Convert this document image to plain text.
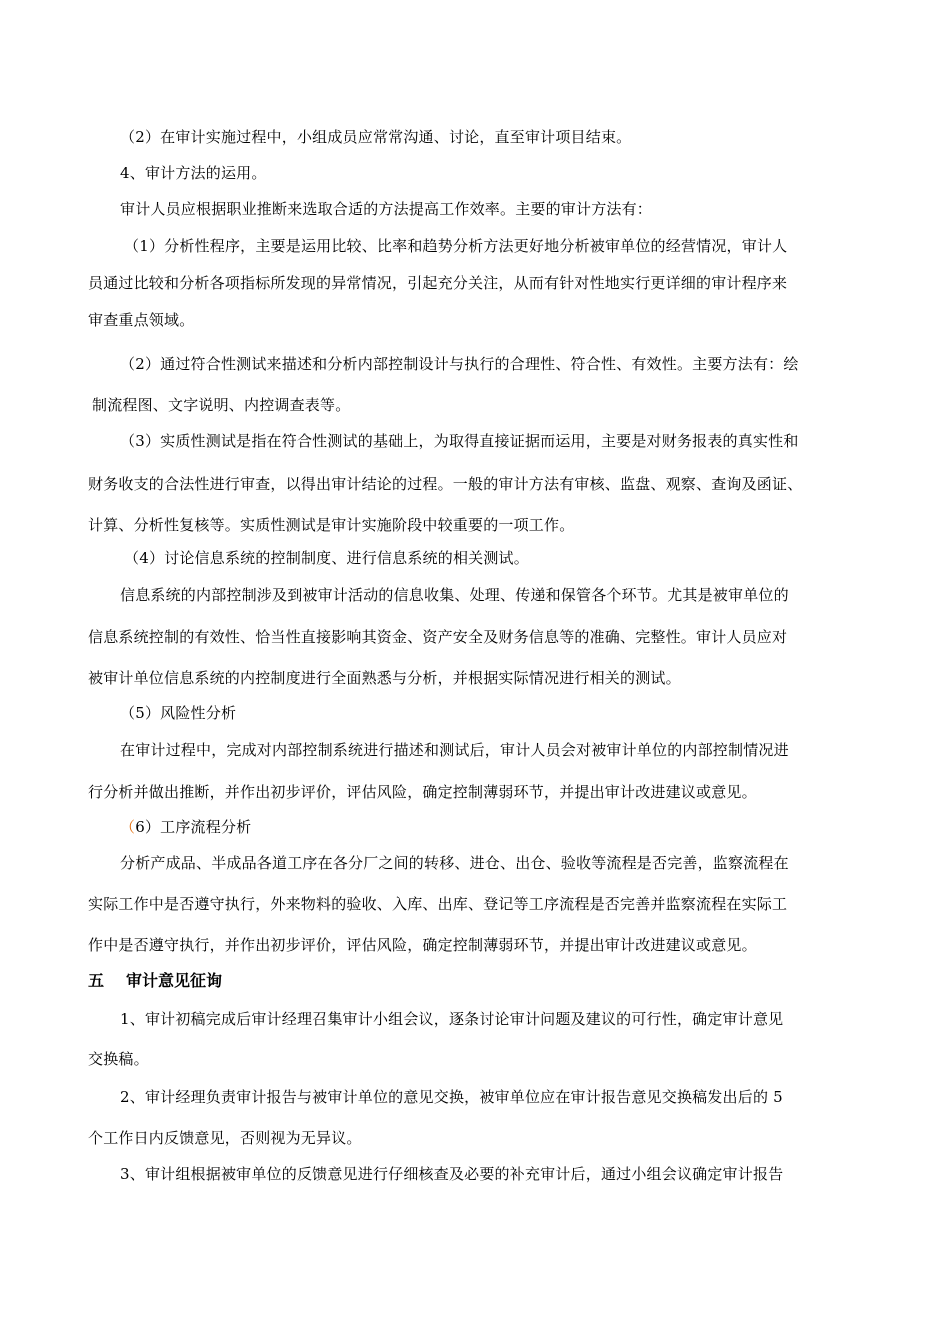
（2）在审计实施过程中，小组成员应常常沟通、讨论，直至审计项目结束。
4、审计方法的运用。
审计人员应根据职业推断来选取合适的方法提高工作效率。主要的审计方法有：
（1）分析性程序，主要是运用比较、比率和趋势分析方法更好地分析被审单位的经营情况，审计人
员通过比较和分析各项指标所发现的异常情况，引起充分关注，从而有针对性地实行更详细的审计程序来
审查重点领域。
（2）通过符合性测试来描述和分析内部控制设计与执行的合理性、符合性、有效性。主要方法有：绘
制流程图、文字说明、内控调查表等。
（3）实质性测试是指在符合性测试的基础上，为取得直接证据而运用，主要是对财务报表的真实性和
财务收支的合法性进行审查，以得出审计结论的过程。一般的审计方法有审核、监盘、观察、查询及函证、
计算、分析性复核等。实质性测试是审计实施阶段中较重要的一项工作。
（4）讨论信息系统的控制制度、进行信息系统的相关测试。
信息系统的内部控制涉及到被审计活动的信息收集、处理、传递和保管各个环节。尤其是被审单位的
信息系统控制的有效性、恰当性直接影响其资金、资产安全及财务信息等的准确、完整性。审计人员应对
被审计单位信息系统的内控制度进行全面熟悉与分析，并根据实际情况进行相关的测试。
（5）风险性分析
在审计过程中，完成对内部控制系统进行描述和测试后，审计人员会对被审计单位的内部控制情况进
行分析并做出推断，并作出初步评价，评估风险，确定控制薄弱环节，并提出审计改进建议或意见。
（6）工序流程分析
分析产成品、半成品各道工序在各分厂之间的转移、进仓、出仓、验收等流程是否完善，监察流程在
实际工作中是否遵守执行，外来物料的验收、入库、出库、登记等工序流程是否完善并监察流程在实际工
作中是否遵守执行，并作出初步评价，评估风险，确定控制薄弱环节，并提出审计改进建议或意见。
五 审计意见征询
1、审计初稿完成后审计经理召集审计小组会议，逐条讨论审计问题及建议的可行性，确定审计意见
交换稿。
2、审计经理负责审计报告与被审计单位的意见交换，被审单位应在审计报告意见交换稿发出后的 5
个工作日内反馈意见，否则视为无异议。
3、审计组根据被审单位的反馈意见进行仔细核查及必要的补充审计后，通过小组会议确定审计报告
